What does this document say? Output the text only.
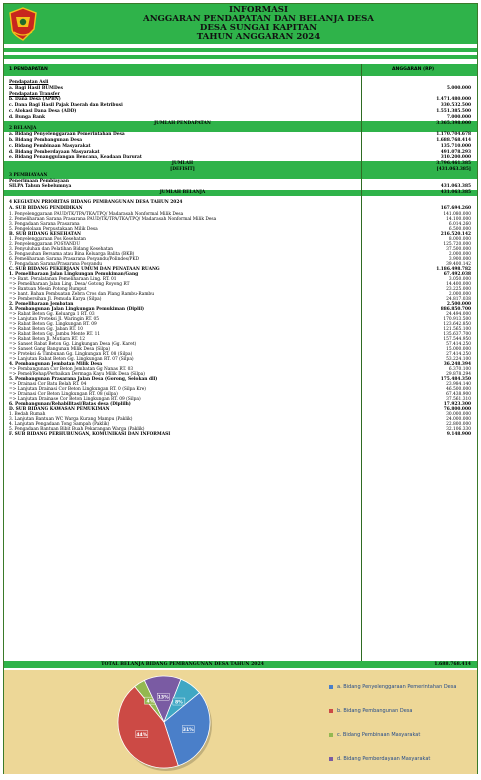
INFORMASI
ANGGARAN PENDAPATAN DAN BELANJA DESA
DESA SUNGAI KAPITAN
TAHUN ANGGARAN 2024
1 PENDAPATAN	ANGGARAN (RP)
Pendapatan Asli
a. Bagi Hasil BUMDes	5.000.000
Pendapatan Transfer
b. Dana Desa (APBN)	1.471.480.000
c. Dana Bagi Hasil Pajak Daerah dan Retribusi	330.532.500
c. Alokasi Dana Desa (ADD)	1.551.385.500
d. Bunga Bank	7.000.000
JUMLAH PENDAPATAN	3.365.398.000
2 BELANJA
a. Bidang Penyelenggaraan Pemerintahan Desa	1.170.704.678
b. Bidang Pembangunan Desa	1.688.768.414
c. Bidang Pembinaan Masyarakat	135.710.000
d. Bidang Pemberdayaan Masyarakat	491.078.293
e. Bidang Penanggulangan Bencana, Keadaan Darurat	310.200.000
JUMLAH	3.796.461.385
[DEFISIT]	[431.063.385]
3 PEMBIAYAAN
Penerimaan Pembiayaan
SILPA Tahun Sebelumnya	431.063.385
JUMLAH BELANJA	431.063.385
4 KEGIATAN PRIORITAS BIDANG PEMBANGUNAN DESA TAHUN 2024
A. SUB BIDANG PENDIDIKAN	167.694.260
1. Penyelenggaraan PAUD/TK/TPA/TKA/TPQ/ Madarasah Nonformal Milik Desa	141.080.000
2. Pemeliharaan Sarana Prasarana PAUD/TK/TPA/TKA/TPQ/ Madarasah Nonformal Milik Desa	14.100.000
3. Pengadaan Sarana Prasarana	6.014.260
5. Pengelolaan Perpustakaan Milik Desa	6.500.000
B. SUB BIDANG KESEHATAN	216.520.142
1. Penyelenggaraan Pos Kesehatan	8.000.000
2. Penyelenggaraan POSYANDU	125.720.000
3. Penyuluhan dan Pelatihan Bidang Kesehatan	37.500.000
5. Pengasuhan Bersama atau Bina Keluarga Balita (BKB)	2.000.000
6. Pemeliharaan Sarana Prasarana Posyandu/Polindes/PKD	3.900.000
7. Pengadaan Sarana/Prasarana Posyandu	39.400.142
C. SUB BIDANG PEKERJAAN UMUM DAN PENATAAN RUANG	1.186.498.782
1. Pemeliharaan Jalan Lingkungan Pemukiman/Gang	67.492.038
=> Bant. Peralatanan Pemeliharaan Ling. RT. 01	3.050.000
=> Pemeliharaan Jalan Ling. Desa/ Gotong Royong RT	14.400.000
=> Bantuan Mesin Potong Rumput	23.225.000
=> bant. Bahan Pembuatan Zebra Cros dan Plang Rambu-Rambu	2.000.000
=> Pembersihan Jl. Pemuda Karya (Silpa)	24.817.038
2. Pemeliharaan Jembatan	2.500.000
3. Pembangunan Jalan Lingkungan Pemukiman (Diplil)	886.850.700
=> Rabat Beton Gg. Keluarga 1 RT. 03	24.494.000
=> Lanjutan Proteksi Jl. Waringin RT. 05	170.913.500
=> Rabat Beton Gg. Lingkungan RT. 09	123.642.850
=> Rabat Beton Gg. Jaban RT. 10	121.565.100
=> Rabat Beton Gg. Jambu Mente RT. 11	135.637.700
=> Rabat Beton Jl. Mutiara RT. 12	157.544.950
=> Sanset Rabat Beton Gg. Lingkungan Desa (Gg. Karet)	57.414.250
=> Sanset Gang Bangunan Milik Desa (Silpa)	15.000.000
=> Proteksi & Timbunan Gg. Lingkungan RT. 08 (Silpa)	27.414.250
=> Lanjutan Rabat Beton Gg. Lingkungan RT. 07 (Silpa)	53.224.100
4. Pembangunan Jembatan Milik Desa	36.248.394
=> Pembangunan Cor Beton Jembatan Gg Nanas RT. 03	6.370.100
=> Pemel/Rehap/Perbaikan Dermaga Kayu Milik Desa (Silpa)	29.878.294
5. Pembangunan Prasarana Jalan Desa (Gorong, Selokan dll)	175.484.350
=> Drainasi Cor Batu Belah RT. 04	23.984.140
=> Lanjutan Drainasi Cor Beton Lingkungan RT. 0 (Silpa Kre)	46.500.000
=> Drainasi Cor Beton Lingkungan RT. 08 (silpa)	67.438.900
=> Lanjutan Drainase Cor Beton Lingkungan RT. 09 (Silpa)	37.561.310
6. Pembangunan/Rehabilitasi/Batas desa (Diplilh)	17.923.300
D. SUB BIDANG KAWASAN PEMUKIMAN	76.800.000
1. Bedah Rumah	30.000.000
3. Lanjutan Bantuan WC Warga Kurang Mampu (Paklik)	24.000.000
4. Lanjutan Pengadaan Tong Sampah (Paklik)	22.800.000
5. Pengadaan Bantuan Bibit Buah Pekarangan Warga (Paklik)	32.106.330
F. SUB BIDANG PERHUBUNGAN, KOMUNIKASI DAN INFORMASI	9.148.900
TOTAL BELANJA BIDANG PEMBANGUNAN DESA TAHUN 2024	1.688.768.414
31%
44%
4%
13%
8%
a. Bidang Penyelenggaraan Pemerintahan Desa
b. Bidang Pembangunan Desa
c. Bidang Pembinaan Masyarakat
d. Bidang Pemberdayaan Masyarakat
